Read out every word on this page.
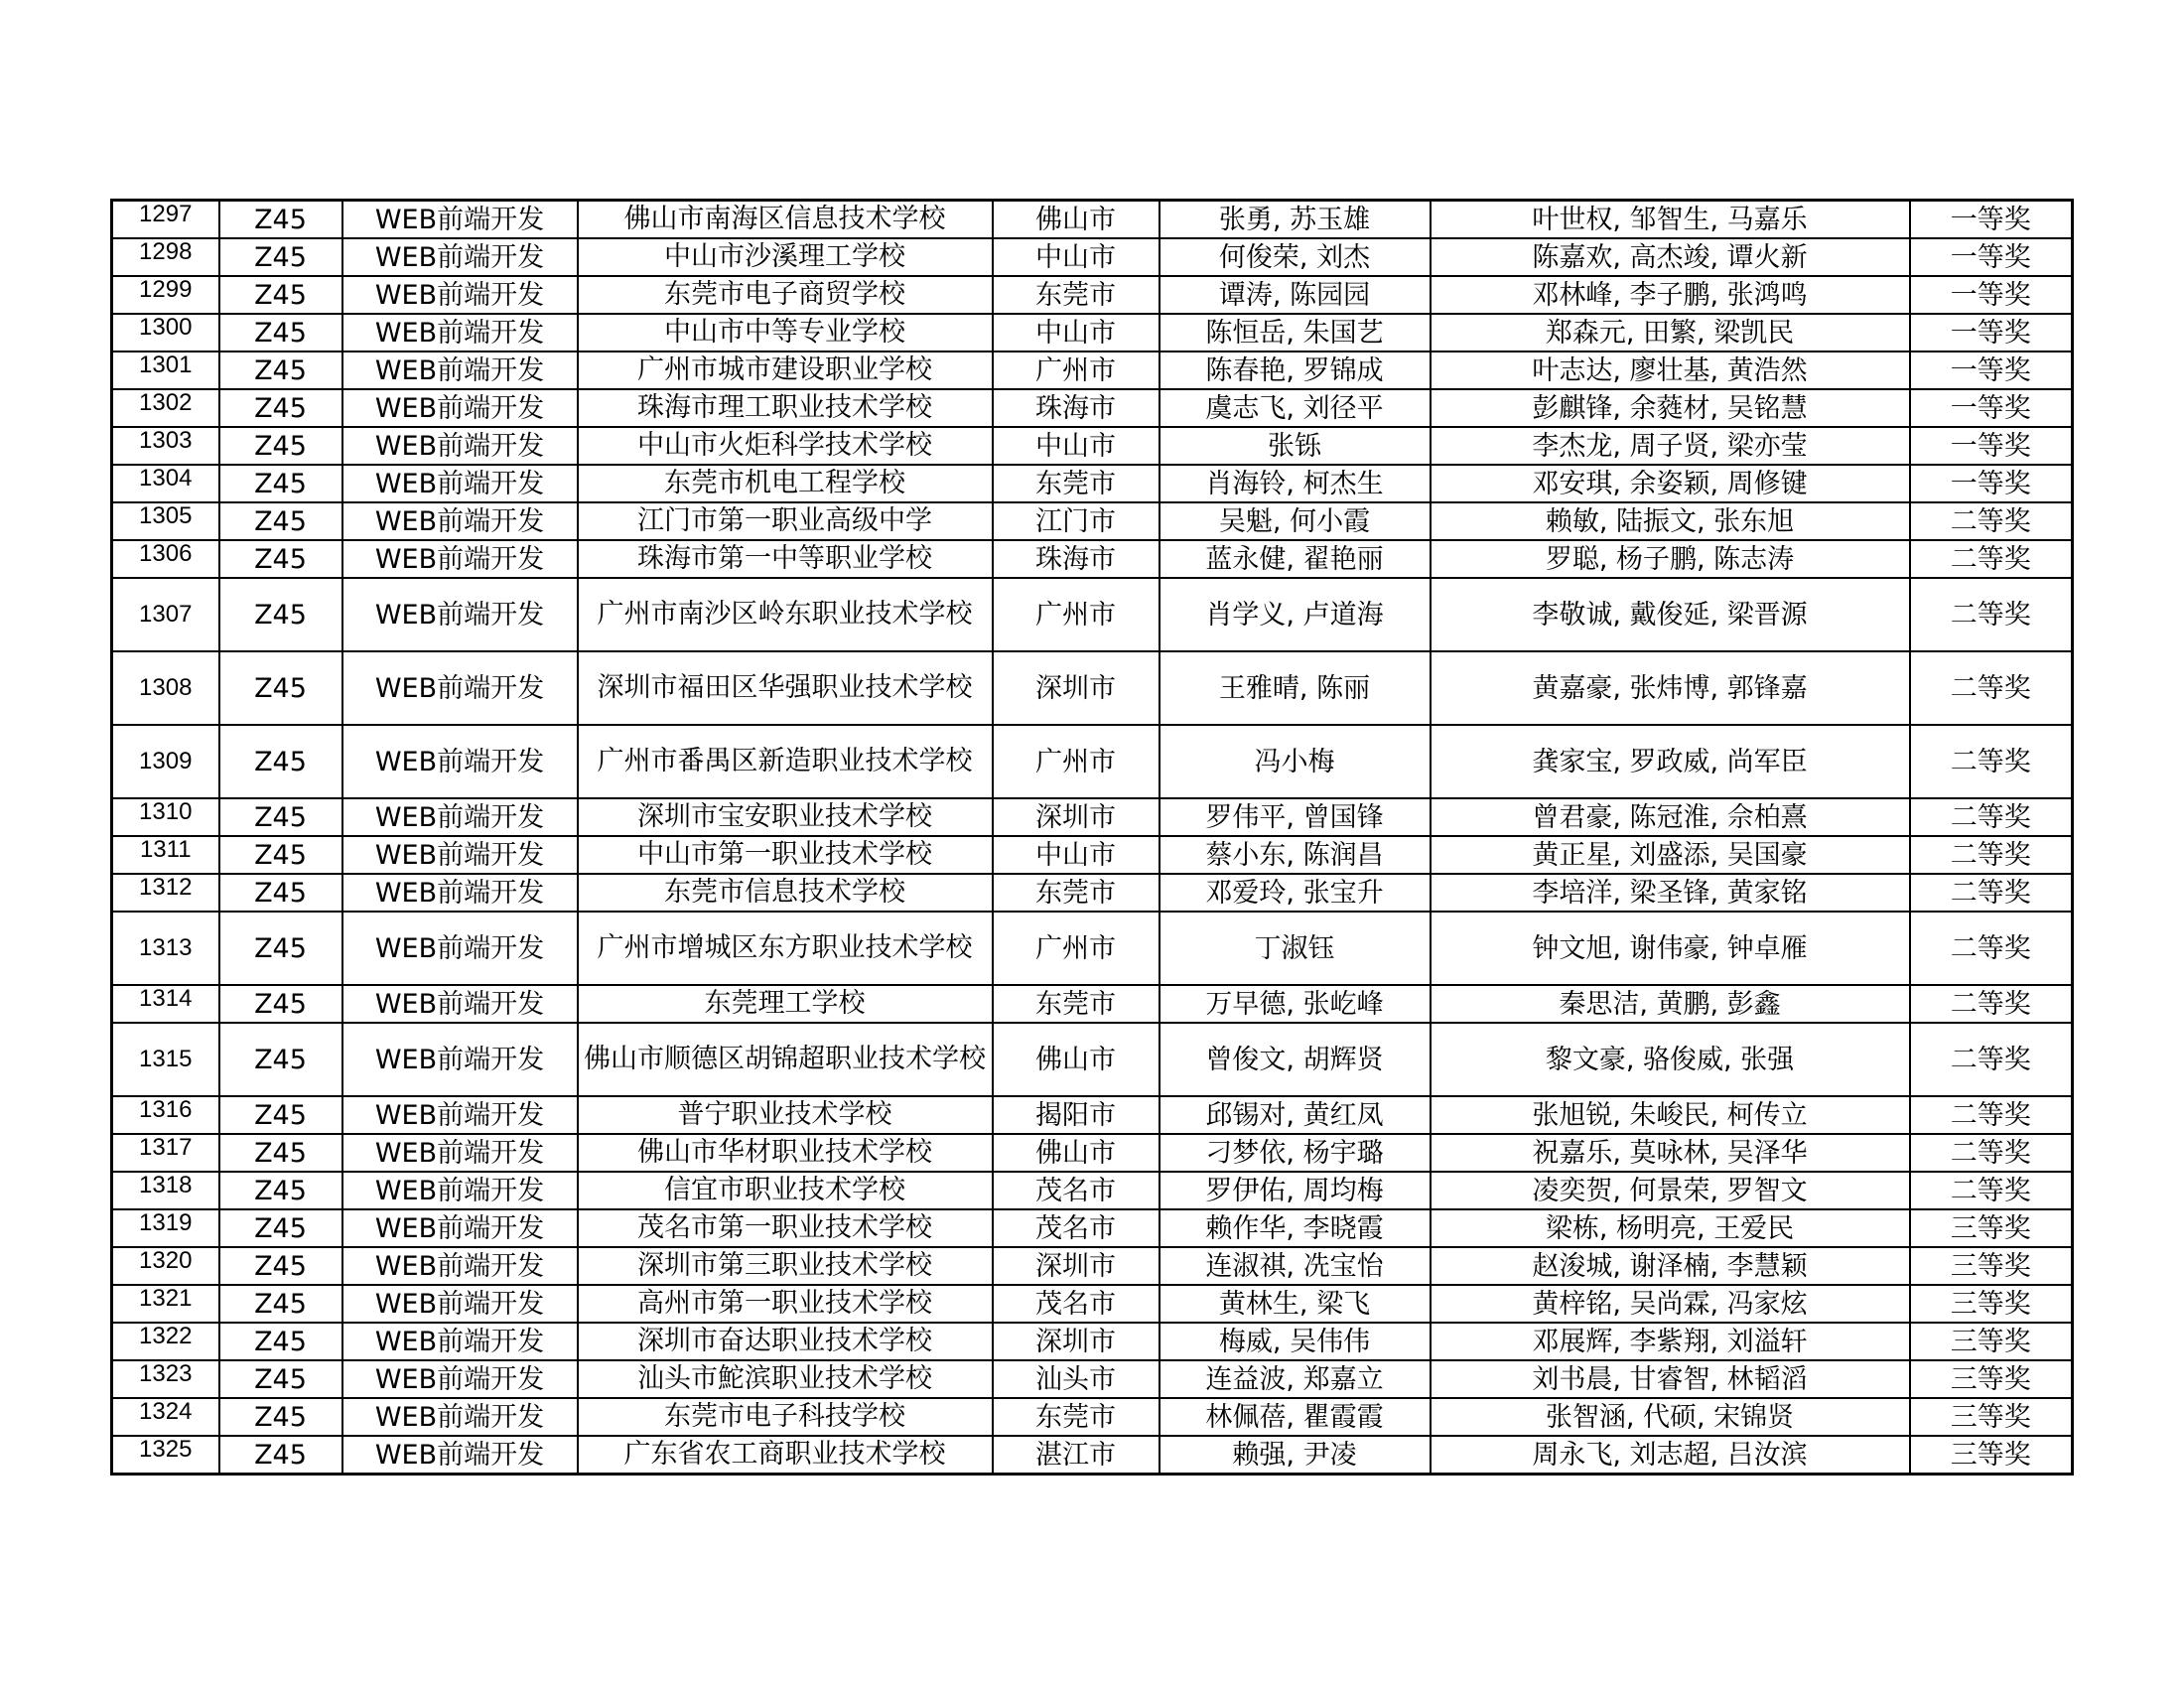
1297	Z45	WEB前端开发	佛山市南海区信息技术学校	佛山市	张勇, 苏玉雄	叶世权, 邹智生, 马嘉乐	一等奖
1298	Z45	WEB前端开发	中山市沙溪理工学校	中山市	何俊荣, 刘杰	陈嘉欢, 高杰竣, 谭火新	一等奖
1299	Z45	WEB前端开发	东莞市电子商贸学校	东莞市	谭涛, 陈园园	邓林峰, 李子鹏, 张鸿鸣	一等奖
1300	Z45	WEB前端开发	中山市中等专业学校	中山市	陈恒岳, 朱国艺	郑森元, 田繁, 梁凯民	一等奖
1301	Z45	WEB前端开发	广州市城市建设职业学校	广州市	陈春艳, 罗锦成	叶志达, 廖壮基, 黄浩然	一等奖
1302	Z45	WEB前端开发	珠海市理工职业技术学校	珠海市	虞志飞, 刘径平	彭麒锋, 余蕤材, 吴铭慧	一等奖
1303	Z45	WEB前端开发	中山市火炬科学技术学校	中山市	张铄	李杰龙, 周子贤, 梁亦莹	一等奖
1304	Z45	WEB前端开发	东莞市机电工程学校	东莞市	肖海铃, 柯杰生	邓安琪, 余姿颖, 周修键	一等奖
1305	Z45	WEB前端开发	江门市第一职业高级中学	江门市	吴魁, 何小霞	赖敏, 陆振文, 张东旭	二等奖
1306	Z45	WEB前端开发	珠海市第一中等职业学校	珠海市	蓝永健, 翟艳丽	罗聪, 杨子鹏, 陈志涛	二等奖
1307	Z45	WEB前端开发	广州市南沙区岭东职业技术学校	广州市	肖学义, 卢道海	李敬诚, 戴俊延, 梁晋源	二等奖
1308	Z45	WEB前端开发	深圳市福田区华强职业技术学校	深圳市	王雅晴, 陈丽	黄嘉豪, 张炜博, 郭锋嘉	二等奖
1309	Z45	WEB前端开发	广州市番禺区新造职业技术学校	广州市	冯小梅	龚家宝, 罗政威, 尚军臣	二等奖
1310	Z45	WEB前端开发	深圳市宝安职业技术学校	深圳市	罗伟平, 曾国锋	曾君豪, 陈冠淮, 佘柏熹	二等奖
1311	Z45	WEB前端开发	中山市第一职业技术学校	中山市	蔡小东, 陈润昌	黄正星, 刘盛添, 吴国豪	二等奖
1312	Z45	WEB前端开发	东莞市信息技术学校	东莞市	邓爱玲, 张宝升	李培洋, 梁圣锋, 黄家铭	二等奖
1313	Z45	WEB前端开发	广州市增城区东方职业技术学校	广州市	丁淑钰	钟文旭, 谢伟豪, 钟卓雁	二等奖
1314	Z45	WEB前端开发	东莞理工学校	东莞市	万早德, 张屹峰	秦思洁, 黄鹏, 彭鑫	二等奖
1315	Z45	WEB前端开发	佛山市顺德区胡锦超职业技术学校	佛山市	曾俊文, 胡辉贤	黎文豪, 骆俊威, 张强	二等奖
1316	Z45	WEB前端开发	普宁职业技术学校	揭阳市	邱锡对, 黄红凤	张旭锐, 朱峻民, 柯传立	二等奖
1317	Z45	WEB前端开发	佛山市华材职业技术学校	佛山市	刁梦依, 杨宇璐	祝嘉乐, 莫咏林, 吴泽华	二等奖
1318	Z45	WEB前端开发	信宜市职业技术学校	茂名市	罗伊佑, 周均梅	凌奕贺, 何景荣, 罗智文	二等奖
1319	Z45	WEB前端开发	茂名市第一职业技术学校	茂名市	赖作华, 李晓霞	梁栋, 杨明亮, 王爱民	三等奖
1320	Z45	WEB前端开发	深圳市第三职业技术学校	深圳市	连淑祺, 冼宝怡	赵浚城, 谢泽楠, 李慧颖	三等奖
1321	Z45	WEB前端开发	高州市第一职业技术学校	茂名市	黄林生, 梁飞	黄梓铭, 吴尚霖, 冯家炫	三等奖
1322	Z45	WEB前端开发	深圳市奋达职业技术学校	深圳市	梅威, 吴伟伟	邓展辉, 李紫翔, 刘溢轩	三等奖
1323	Z45	WEB前端开发	汕头市鮀滨职业技术学校	汕头市	连益波, 郑嘉立	刘书晨, 甘睿智, 林韬滔	三等奖
1324	Z45	WEB前端开发	东莞市电子科技学校	东莞市	林佩蓓, 瞿霞霞	张智涵, 代硕, 宋锦贤	三等奖
1325	Z45	WEB前端开发	广东省农工商职业技术学校	湛江市	赖强, 尹凌	周永飞, 刘志超, 吕汝滨	三等奖
